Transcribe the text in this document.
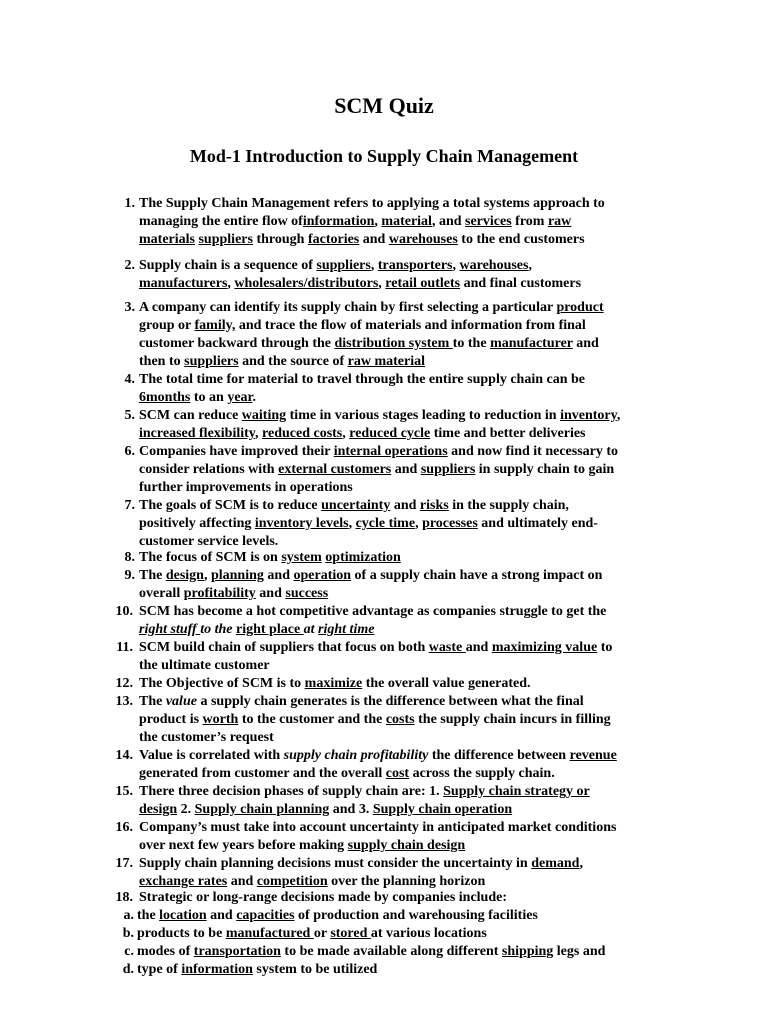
SCM Quiz
Mod-1 Introduction to Supply Chain Management
1. The Supply Chain Management refers to applying a total systems approach to
managing the entire flow ofinformation, material, and services from raw
materials suppliers through factories and warehouses to the end customers
2. Supply chain is a sequence of suppliers, transporters, warehouses,
manufacturers, wholesalers/distributors, retail outlets and final customers
3. A company can identify its supply chain by first selecting a particular product
group or family, and trace the flow of materials and information from final
customer backward through the distribution system to the manufacturer and
then to suppliers and the source of raw material
4. The total time for material to travel through the entire supply chain can be
6months to an year.
5. SCM can reduce waiting time in various stages leading to reduction in inventory,
increased flexibility, reduced costs, reduced cycle time and better deliveries
6. Companies have improved their internal operations and now find it necessary to
consider relations with external customers and suppliers in supply chain to gain
further improvements in operations
7. The goals of SCM is to reduce uncertainty and risks in the supply chain,
positively affecting inventory levels, cycle time, processes and ultimately end-
customer service levels.
8. The focus of SCM is on system optimization
9. The design, planning and operation of a supply chain have a strong impact on
overall profitability and success
10. SCM has become a hot competitive advantage as companies struggle to get the
right stuff to the right place at right time
11. SCM build chain of suppliers that focus on both waste and maximizing value to
the ultimate customer
12. The Objective of SCM is to maximize the overall value generated.
13. The value a supply chain generates is the difference between what the final
product is worth to the customer and the costs the supply chain incurs in filling
the customer’s request
14. Value is correlated with supply chain profitability the difference between revenue
generated from customer and the overall cost across the supply chain.
15. There three decision phases of supply chain are: 1. Supply chain strategy or
design 2. Supply chain planning and 3. Supply chain operation
16. Company’s must take into account uncertainty in anticipated market conditions
over next few years before making supply chain design
17. Supply chain planning decisions must consider the uncertainty in demand,
exchange rates and competition over the planning horizon
18. Strategic or long-range decisions made by companies include:
a. the location and capacities of production and warehousing facilities
b. products to be manufactured or stored at various locations
c. modes of transportation to be made available along different shipping legs and
d. type of information system to be utilized
